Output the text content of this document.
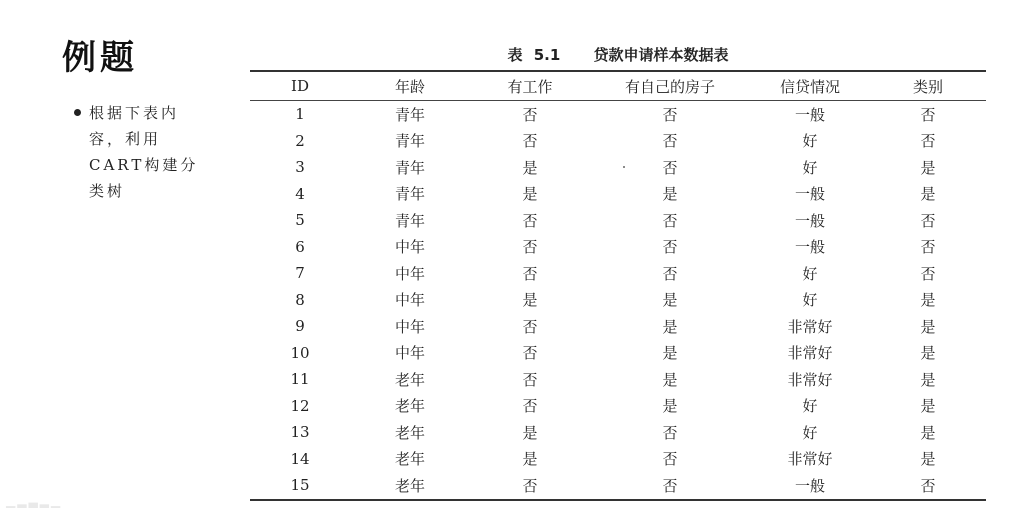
例题
根据下表内容，利用CART构建分类树
表 5.1 贷款申请样本数据表
ID	年龄	有工作	有自己的房子	信贷情况	类别
1	青年	否	否	一般	否
2	青年	否	否	好	否
3	青年	是	否	好	是
4	青年	是	是	一般	是
5	青年	否	否	一般	否
6	中年	否	否	一般	否
7	中年	否	否	好	否
8	中年	是	是	好	是
9	中年	否	是	非常好	是
10	中年	否	是	非常好	是
11	老年	否	是	非常好	是
12	老年	否	是	好	是
13	老年	是	否	好	是
14	老年	是	否	非常好	是
15	老年	否	否	一般	否
▁▂▃▂▁
